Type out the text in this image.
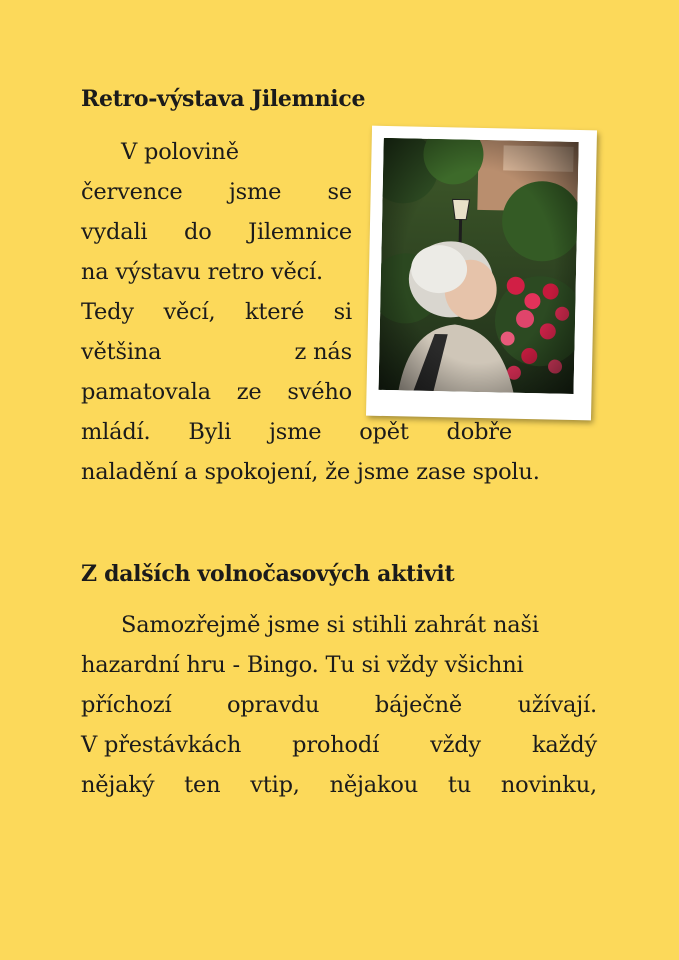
Retro-výstava Jilemnice
V polovině
července jsme se
vydali do Jilemnice
na výstavu retro věcí.
Tedy věcí, které si
většina	z nás
pamatovala ze svého
mládí. Byli jsme opět dobře
naladění a spokojení, že jsme zase spolu.
Z dalších volnočasových aktivit
Samozřejmě jsme si stihli zahrát naši
hazardní hru - Bingo. Tu si vždy všichni
příchozí opravdu báječně užívají.
V přestávkách prohodí vždy každý
nějaký ten vtip, nějakou tu novinku,
